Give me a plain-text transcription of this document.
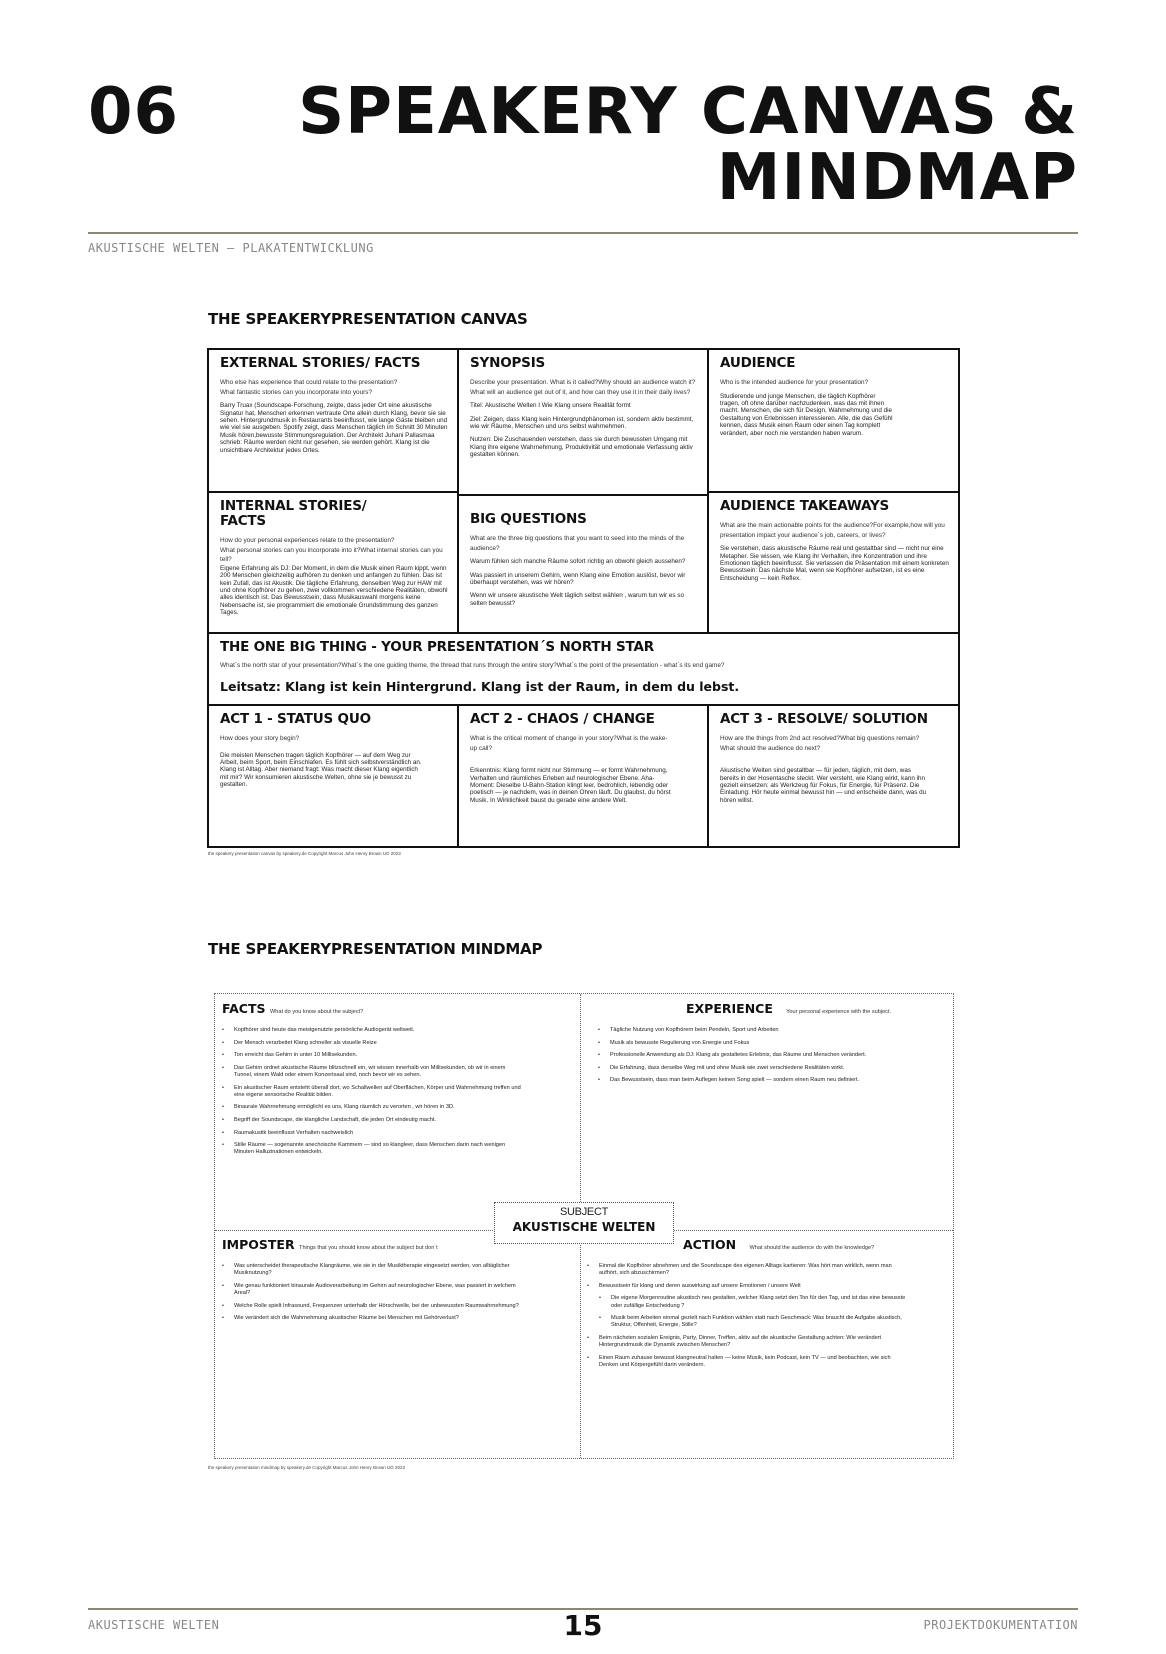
06 SPEAKERY CANVAS &
MINDMAP
AKUSTISCHE WELTEN — PLAKATENTWICKLUNG
THE SPEAKERYPRESENTATION CANVAS
EXTERNAL STORIES/ FACTS
Who else has experience that could relate to the presentation?
What fantastic stories can you incorporate into yours?
Barry Truax (Soundscape-Forschung, zeigte, dass jeder Ort eine akustische Signatur hat, Menschen erkennen vertraute Orte allein durch Klang, bevor sie sie sehen. Hintergrundmusik in Restaurants beeinflusst, wie lange Gäste bleiben und wie viel sie ausgeben. Spotify zeigt, dass Menschen täglich im Schnitt 30 Minuten Musik hören,bewusste Stimmungsregulation. Der Architekt Juhani Pallasmaa schrieb: Räume werden nicht nur gesehen, sie werden gehört. Klang ist die unsichtbare Architektur jedes Ortes.
SYNOPSIS
Describe your presentation. What is it called?Why should an audience watch it?What will an audience get out of it, and how can they use it in their daily lives?
Titel: Akustische Welten I Wie Klang unsere Realität formt
Ziel: Zeigen, dass Klang kein Hintergrundphänomen ist, sondern aktiv bestimmt, wie wir Räume, Menschen und uns selbst wahrnehmen.
Nutzen: Die Zuschauenden verstehen, dass sie durch bewussten Umgang mit Klang ihre eigene Wahrnehmung, Produktivität und emotionale Verfassung aktiv gestalten können.
AUDIENCE
Who is the intended audience for your presentation?
Studierende und junge Menschen, die täglich Kopfhörer tragen, oft ohne darüber nachzudenken, was das mit ihnen macht. Menschen, die sich für Design, Wahrnehmung und die Gestaltung von Erlebnissen interessieren. Alle, die das Gefühl kennen, dass Musik einen Raum oder einen Tag komplett verändert, aber noch nie verstanden haben warum.
INTERNAL STORIES/ FACTS
How do your personal experiences relate to the presentation?
What personal stories can you incorporate into it?What internal stories can you tell?
Eigene Erfahrung als DJ: Der Moment, in dem die Musik einen Raum kippt, wenn 200 Menschen gleichzeitig aufhören zu denken und anfangen zu fühlen. Das ist kein Zufall, das ist Akustik. Die tägliche Erfahrung, denselben Weg zur HAW mit und ohne Kopfhörer zu gehen, zwei vollkommen verschiedene Realitäten, obwohl alles identisch ist. Das Bewusstsein, dass Musikauswahl morgens keine Nebensache ist, sie programmiert die emotionale Grundstimmung des ganzen Tages.
BIG QUESTIONS
What are the three big questions that you want to seed into the minds of the audience?
Warum fühlen sich manche Räume sofort richtig an obwohl gleich aussehen?
Was passiert in unserem Gehirn, wenn Klang eine Emotion auslöst, bevor wir überhaupt verstehen, was wir hören?
Wenn wir unsere akustische Welt täglich selbst wählen , warum tun wir es so selten bewusst?
AUDIENCE TAKEAWAYS
What are the main actionable points for the audience?For example,how will you presentation impact your audience´s job, careers, or lives?
Sie verstehen, dass akustische Räume real und gestaltbar sind — nicht nur eine Metapher. Sie wissen, wie Klang ihr Verhalten, ihre Konzentration und ihre Emotionen täglich beeinflusst. Sie verlassen die Präsentation mit einem konkreten Bewusstsein: Das nächste Mal, wenn sie Kopfhörer aufsetzen, ist es eine Entscheidung — kein Reflex.
THE ONE BIG THING - YOUR PRESENTATION´S NORTH STAR
What´s the north star of your presentation?What´s the one guiding theme, the thread that runs through the entire story?What´s the point of the presentation - what´s its end game?
Leitsatz: Klang ist kein Hintergrund. Klang ist der Raum, in dem du lebst.
ACT 1 - STATUS QUO
How does your story begin?
Die meisten Menschen tragen täglich Kopfhörer — auf dem Weg zur Arbeit, beim Sport, beim Einschlafen. Es fühlt sich selbstverständlich an. Klang ist Alltag. Aber niemand fragt: Was macht dieser Klang eigentlich mit mir? Wir konsumieren akustische Welten, ohne sie je bewusst zu gestalten.
ACT 2 - CHAOS / CHANGE
What is the critical moment of change in your story?What is the wake-up call?
Erkenntnis: Klang formt nicht nur Stimmung — er formt Wahrnehmung, Verhalten und räumliches Erleben auf neurologischer Ebene. Aha-Moment: Dieselbe U-Bahn-Station klingt leer, bedrohlich, lebendig oder poetisch — je nachdem, was in deinen Ohren läuft. Du glaubst, du hörst Musik. In Wirklichkeit baust du gerade eine andere Welt.
ACT 3 - RESOLVE/ SOLUTION
How are the things from 2nd act resolved?What big questions remain? What should the audience do next?
Akustische Welten sind gestaltbar — für jeden, täglich, mit dem, was bereits in der Hosentasche steckt. Wer versteht, wie Klang wirkt, kann ihn gezielt einsetzen: als Werkzeug für Fokus, für Energie, für Präsenz. Die Einladung: Hör heute einmal bewusst hin — und entscheide dann, was du hören willst.
the speakery presentation canvas by speakery.de Copyright Marcus John Henry Brown UG 2023
THE SPEAKERYPRESENTATION MINDMAP
FACTS What do you know about the subject?
• Kopfhörer sind heute das meistgenutzte persönliche Audiogerät weltweit.
• Der Mensch verarbeitet Klang schneller als visuelle Reize
• Ton erreicht das Gehirn in unter 10 Millisekunden.
• Das Gehirn ordnet akustische Räume blitzschnell ein, wir wissen innerhalb von Millisekunden, ob wir in einem Tunnel, einem Wald oder einem Konzertsaal sind, noch bevor wir es sehen.
• Ein akustischer Raum entsteht überall dort, wo Schallwellen auf Oberflächen, Körper und Wahrnehmung treffen und eine eigene sensorische Realität bilden.
• Binaurale Wahrnehmung ermöglicht es uns, Klang räumlich zu verorten , wir hören in 3D.
• Begriff der Soundscape, die klangliche Landschaft, die jeden Ort eindeutig macht.
• Raumakustik beeinflusst Verhalten nachweislich
• Stille Räume — sogenannte anechoische Kammern — sind so klangleer, dass Menschen darin nach wenigen Minuten Halluzinationen entwickeln.
EXPERIENCE Your personal experience with the subject.
• Tägliche Nutzung von Kopfhörern beim Pendeln, Sport und Arbeiten
• Musik als bewusste Regulierung von Energie und Fokus
• Professionelle Anwendung als DJ: Klang als gestaltetes Erlebnis, das Räume und Menschen verändert.
• Die Erfahrung, dass derselbe Weg mit und ohne Musik wie zwei verschiedene Realitäten wirkt.
• Das Bewusstsein, dass man beim Auflegen keinen Song spielt — sondern einen Raum neu definiert.
IMPOSTER Things that you should know about the subject but don´t
• Was unterscheidet therapeutische Klangräume, wie sie in der Musiktherapie eingesetzt werden, von alltäglicher Musiknutzung?
• Wie genau funktioniert binaurale Audioverarbeitung im Gehirn auf neurologischer Ebene, was passiert in welchem Areal?
• Welche Rolle spielt Infrasound, Frequenzen unterhalb der Hörschwelle, bei der unbewussten Raumwahrnehmung?
• Wie verändert sich die Wahrnehmung akustischer Räume bei Menschen mit Gehörverlust?
ACTION What should the audience do with the knowledge?
• Einmal die Kopfhörer abnehmen und die Soundscape des eigenen Alltags kartieren: Was hört man wirklich, wenn man aufhört, sich abzuschirmen?
• Bewusstsein für klang und deren auswirkung auf unsere Emotionen / unsere Welt
• Die eigene Morgenroutine akustisch neu gestalten, welcher Klang setzt den Ton für den Tag, und ist das eine bewusste oder zufällige Entscheidung ?
• Musik beim Arbeiten einmal gezielt nach Funktion wählen statt nach Geschmack: Was braucht die Aufgabe akustisch, Struktur, Offenheit, Energie, Stille?
• Beim nächsten sozialen Ereignis, Party, Dinner, Treffen, aktiv auf die akustische Gestaltung achten: Wie verändert Hintergrundmusik die Dynamik zwischen Menschen?
• Einen Raum zuhause bewusst klangneutral halten — keine Musik, kein Podcast, kein TV — und beobachten, wie sich Denken und Körpergefühl darin verändern.
SUBJECT
AKUSTISCHE WELTEN
the speakery presentation mindmap by speakery.de Copyright Marcus John Henry Brown UG 2023
AKUSTISCHE WELTEN	15	PROJEKTDOKUMENTATION
